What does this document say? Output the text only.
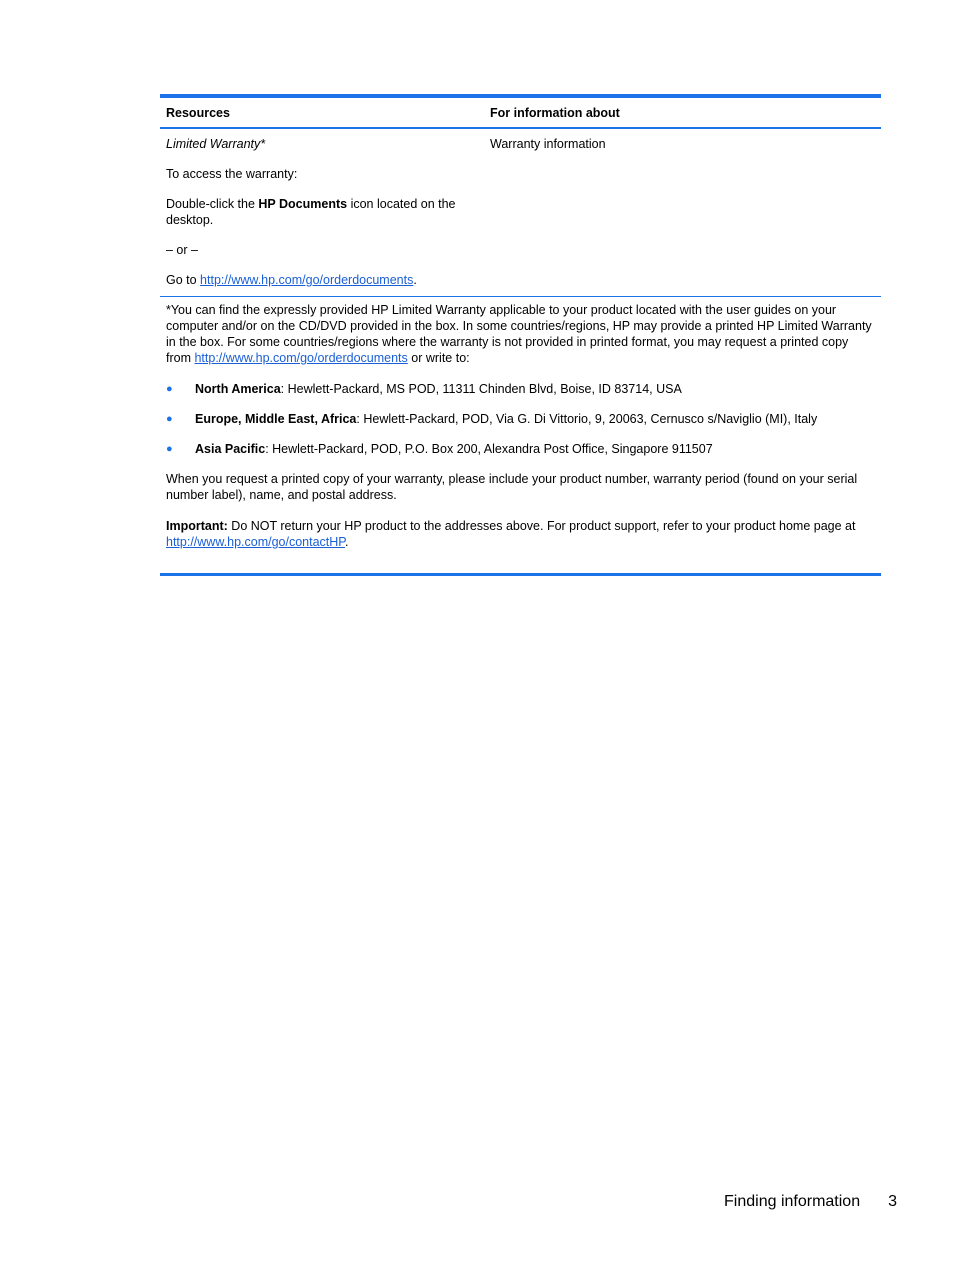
Resources	For information about

Limited Warranty*

To access the warranty:

Double-click the HP Documents icon located on the desktop.

– or –

Go to http://www.hp.com/go/orderdocuments.

Warranty information

*You can find the expressly provided HP Limited Warranty applicable to your product located with the user guides on your computer and/or on the CD/DVD provided in the box. In some countries/regions, HP may provide a printed HP Limited Warranty in the box. For some countries/regions where the warranty is not provided in printed format, you may request a printed copy from http://www.hp.com/go/orderdocuments or write to:

● North America: Hewlett-Packard, MS POD, 11311 Chinden Blvd, Boise, ID 83714, USA
● Europe, Middle East, Africa: Hewlett-Packard, POD, Via G. Di Vittorio, 9, 20063, Cernusco s/Naviglio (MI), Italy
● Asia Pacific: Hewlett-Packard, POD, P.O. Box 200, Alexandra Post Office, Singapore 911507

When you request a printed copy of your warranty, please include your product number, warranty period (found on your serial number label), name, and postal address.

Important: Do NOT return your HP product to the addresses above. For product support, refer to your product home page at http://www.hp.com/go/contactHP.

Finding information 3
